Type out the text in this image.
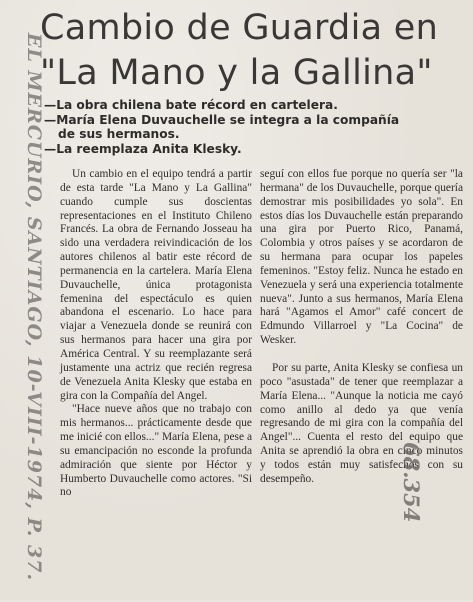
EL MERCURIO, SANTIAGO, 10-VIII-1974, P. 37.
Cambio de Guardia en
"La Mano y la Gallina"
—La obra chilena bate récord en cartelera.
—María Elena Duvauchelle se integra a la compañía
de sus hermanos.
—La reemplaza Anita Klesky.

Un cambio en el equipo tendrá a partir de esta tarde "La Mano y La Gallina" cuando cumple sus doscientas representaciones en el Instituto Chileno Francés. La obra de Fernando Josseau ha sido una verdadera reivindicación de los autores chilenos al batir este récord de permanencia en la cartelera. María Elena Duvauchelle, única protagonista femenina del espectáculo es quien abandona el escenario. Lo hace para viajar a Venezuela donde se reunirá con sus hermanos para hacer una gira por América Central. Y su reemplazante será justamente una actriz que recién regresa de Venezuela Anita Klesky que estaba en gira con la Compañía del Angel.

"Hace nueve años que no trabajo con mis hermanos... prácticamente desde que me inicié con ellos..." María Elena, pese a su emancipación no esconde la profunda admiración que siente por Héctor y Humberto Duvauchelle como actores. "Si no

seguí con ellos fue porque no quería ser "la hermana" de los Duvauchelle, porque quería demostrar mis posibilidades yo sola". En estos días los Duvauchelle están preparando una gira por Puerto Rico, Panamá, Colombia y otros países y se acordaron de su hermana para ocupar los papeles femeninos. "Estoy feliz. Nunca he estado en Venezuela y será una experiencia totalmente nueva". Junto a sus hermanos, María Elena hará "Agamos el Amor" café concert de Edmundo Villarroel y "La Cocina" de Wesker.

Por su parte, Anita Klesky se confiesa un poco "asustada" de tener que reemplazar a María Elena... "Aunque la noticia me cayó como anillo al dedo ya que venía regresando de mi gira con la compañía del Angel"... Cuenta el resto del equipo que Anita se aprendió la obra en cinco minutos y todos están muy satisfechos con su desempeño.	68.354
